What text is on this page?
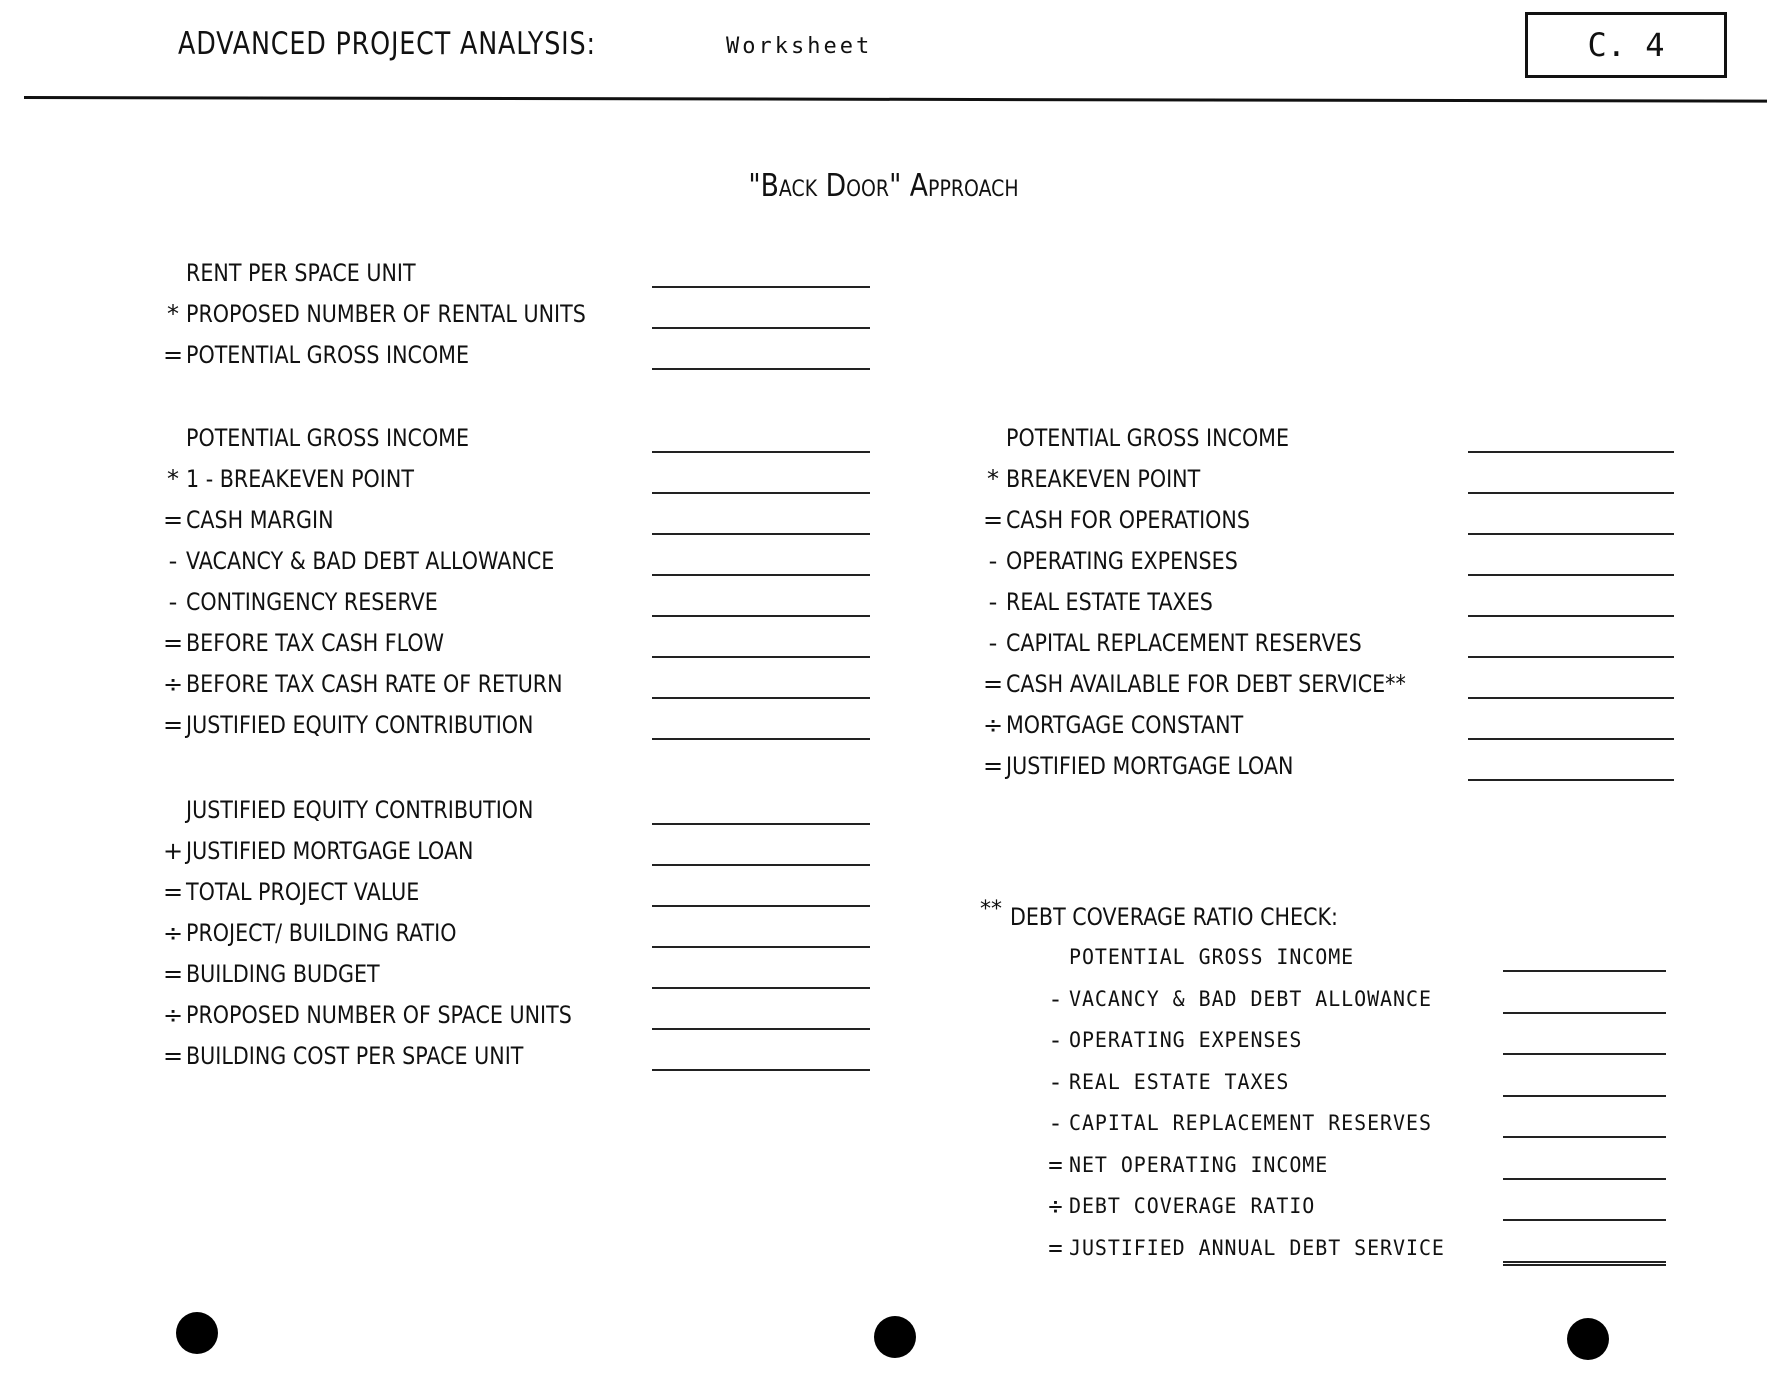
ADVANCED PROJECT ANALYSIS:	Worksheet	C. 4
"Back Door" Approach
RENT PER SPACE UNIT
* PROPOSED NUMBER OF RENTAL UNITS
= POTENTIAL GROSS INCOME
POTENTIAL GROSS INCOME
* 1 - BREAKEVEN POINT
= CASH MARGIN
- VACANCY & BAD DEBT ALLOWANCE
- CONTINGENCY RESERVE
= BEFORE TAX CASH FLOW
÷ BEFORE TAX CASH RATE OF RETURN
= JUSTIFIED EQUITY CONTRIBUTION
JUSTIFIED EQUITY CONTRIBUTION
+ JUSTIFIED MORTGAGE LOAN
= TOTAL PROJECT VALUE
÷ PROJECT/ BUILDING RATIO
= BUILDING BUDGET
÷ PROPOSED NUMBER OF SPACE UNITS
= BUILDING COST PER SPACE UNIT
POTENTIAL GROSS INCOME
* BREAKEVEN POINT
= CASH FOR OPERATIONS
- OPERATING EXPENSES
- REAL ESTATE TAXES
- CAPITAL REPLACEMENT RESERVES
= CASH AVAILABLE FOR DEBT SERVICE**
÷ MORTGAGE CONSTANT
= JUSTIFIED MORTGAGE LOAN
POTENTIAL GROSS INCOME
- VACANCY & BAD DEBT ALLOWANCE
- OPERATING EXPENSES
- REAL ESTATE TAXES
- CAPITAL REPLACEMENT RESERVES
= NET OPERATING INCOME
÷ DEBT COVERAGE RATIO
= JUSTIFIED ANNUAL DEBT SERVICE
** DEBT COVERAGE RATIO CHECK:
